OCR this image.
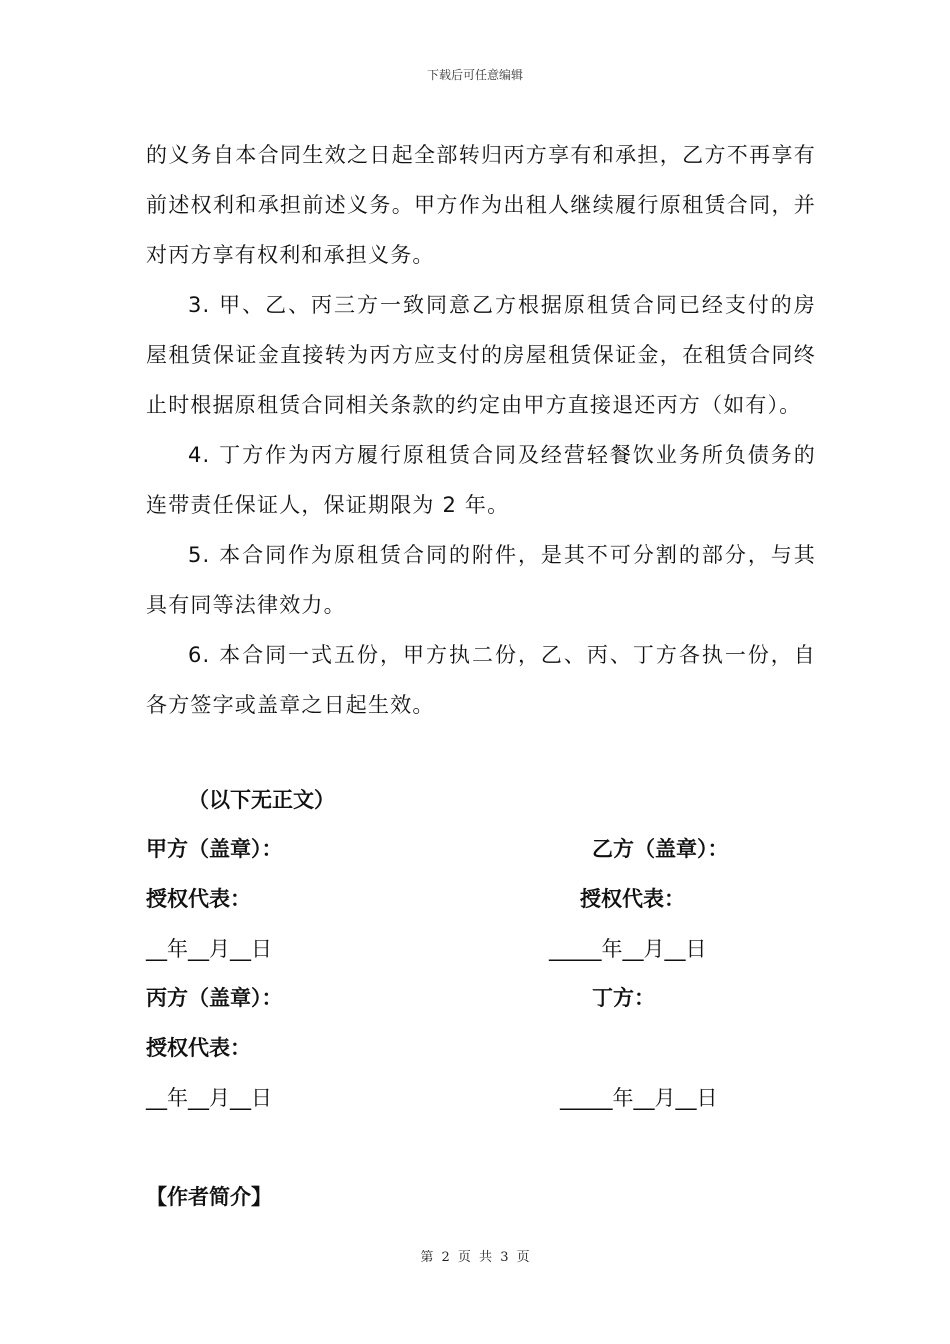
下载后可任意编辑

的义务自本合同生效之日起全部转归丙方享有和承担，乙方不再享有前述权利和承担前述义务。甲方作为出租人继续履行原租赁合同，并对丙方享有权利和承担义务。

3. 甲、乙、丙三方一致同意乙方根据原租赁合同已经支付的房屋租赁保证金直接转为丙方应支付的房屋租赁保证金，在租赁合同终止时根据原租赁合同相关条款的约定由甲方直接退还丙方（如有）。

4. 丁方作为丙方履行原租赁合同及经营轻餐饮业务所负债务的连带责任保证人，保证期限为 2 年。

5. 本合同作为原租赁合同的附件，是其不可分割的部分，与其具有同等法律效力。

6. 本合同一式五份，甲方执二份，乙、丙、丁方各执一份，自各方签字或盖章之日起生效。

（以下无正文）
甲方（盖章）：	乙方（盖章）：
授权代表：	授权代表：
__年__月__日	_____年__月__日
丙方（盖章）：	丁方：
授权代表：
__年__月__日	_____年__月__日
【作者简介】
第 2 页 共 3 页
